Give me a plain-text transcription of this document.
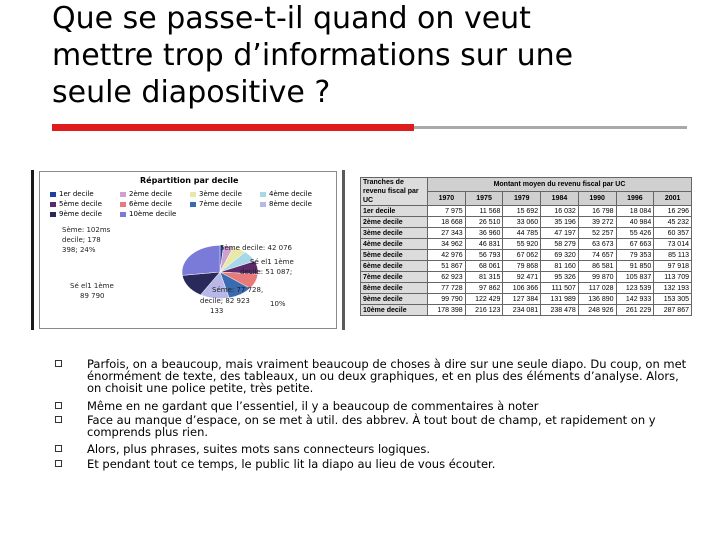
Que se passe-t-il quand on veut
mettre trop d’informations sur une
seule diapositive ?
Répartition par decile
1er decile	2ème decile	3ème decile	4ème decile
5ème decile	6ème decile	7ème decile	8ème decile
9ème decile	10ème decile
5ème decile: 42 076
Sème: 102ms
decile; 178
398; 24%
Sé el1 1ème
decile: 51 087;
Séme: 77 728,
decile; 82 923
133
Sé el1 1ème
89 790
10%
Tranches de revenu fiscal par UC	Montant moyen du revenu fiscal par UC						
	1970	1975	1979	1984	1990	1996	2001
1er decile	7 975	11 568	15 692	16 032	16 798	18 084	16 296
2ème decile	18 668	26 510	33 060	35 196	39 272	40 984	45 232
3ème decile	27 343	36 960	44 785	47 197	52 257	55 426	60 357
4ème decile	34 962	46 831	55 920	58 279	63 673	67 663	73 014
5ème decile	42 976	56 793	67 062	69 320	74 657	79 353	85 113
6ème decile	51 867	68 061	79 868	81 160	86 581	91 850	97 918
7ème decile	62 923	81 315	92 471	95 326	99 870	105 837	113 709
8ème decile	77 728	97 862	106 366	111 507	117 028	123 539	132 193
9ème decile	99 790	122 429	127 384	131 989	136 890	142 933	153 305
10ème decile	178 398	216 123	234 081	238 478	248 926	261 229	287 867
Parfois, on a beaucoup, mais vraiment beaucoup de choses à dire sur une seule diapo. Du coup, on met énormément de texte, des tableaux, un ou deux graphiques, et en plus des éléments d’analyse. Alors, on choisit une police petite, très petite.
Même en ne gardant que l’essentiel, il y a beaucoup de commentaires à noter
Face au manque d’espace, on se met à util. des abbrev. À tout bout de champ, et rapidement on y comprends plus rien.
Alors, plus phrases, suites mots sans connecteurs logiques.
Et pendant tout ce temps, le public lit la diapo au lieu de vous écouter.
